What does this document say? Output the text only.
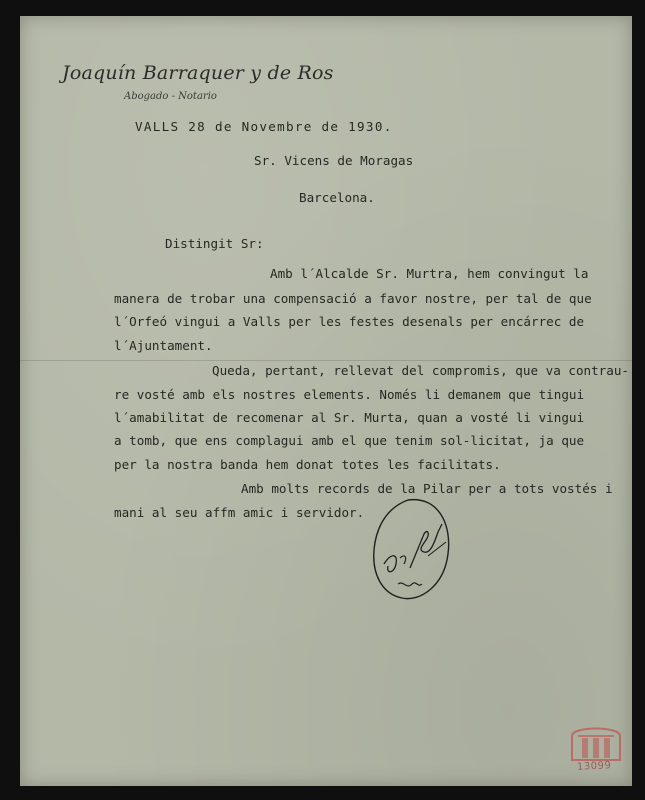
Joaquín Barraquer y de Ros
Abogado - Notario
VALLS 28 de Novembre de 1930.
Sr. Vicens de Moragas
Barcelona.
Distingit Sr:
Amb l´Alcalde Sr. Murtra, hem convingut la
manera de trobar una compensació a favor nostre, per tal de que
l´Orfeó vingui a Valls per les festes desenals per encárrec de
l´Ajuntament.
Queda, pertant, rellevat del compromis, que va contrau-
re vosté amb els nostres elements. Només li demanem que tingui
l´amabilitat de recomenar al Sr. Murta, quan a vosté li vingui
a tomb, que ens complagui amb el que tenim sol-licitat, ja que
per la nostra banda hem donat totes les facilitats.
Amb molts records de la Pilar per a tots vostés i
mani al seu affm amic i servidor.
13099
